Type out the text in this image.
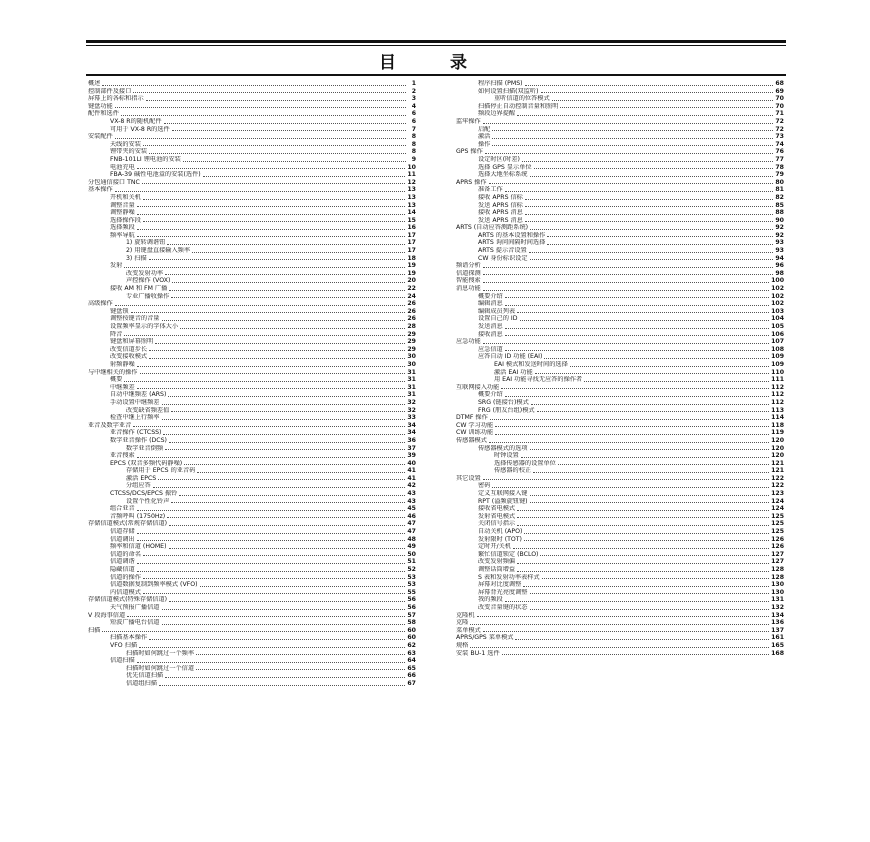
目 录
概述	1
控制部件及接口	2
屏幕上的各标和指示	3
键盘功能	4
配件和选件	6
VX-8 R的随机配件	6
可用于 VX-8 R的选件	7
安装配件	8
天线的安装	8
锂带夹的安装	8
FNB-101LI 锂电池的安装	9
电池充电	10
FBA-39 碱性电池盒的安装(选件)	11
分包通信接口 TNC	12
基本操作	13
开机和关机	13
调整音量	13
调整静噪	14
选择操作段	15
选择频段	16
频率导航	17
1) 旋转调谐钮	17
2) 用键盘直接输入频率	17
3) 扫描	18
发射	19
改变发射功率	19
声控操作 (VOX)	20
接收 AM 和 FM 广播	22
专业广播收操作	24
高级操作	26
键盘锁	26
调整按键音的音量	26
设置频率显示的字体大小	28
降音	29
键盘和屏幕照明	29
改变信道步长	29
改变接收模式	30
射频静噪	30
与中继相关的操作	31
概要	31
中继频差	31
自动中继频差 (ARS)	31
手动设置中继频差	32
改变缺省频差值	32
检查中继上行频率	33
亚音及数字亚音	34
亚音操作 (CTCSS)	34
数字亚音操作 (DCS)	36
数字亚音倒频	37
亚音搜索	39
EPCS (双音多频代码静噪)	40
存储用于 EPCS 的亚音码	41
激活 EPCS	41
分组应答	42
CTCSS/DCS/EPCS 振铃	43
设置个性化铃声	43
组合亚音	45
音频呼叫 (1750Hz)	46
存储信道模式(常规存储信道)	47
信道存储	47
信道调出	48
频率和信道 (HOME)	49
信道的命名	50
信道调谐	51
隐藏信道	52
信道的操作	53
信道数据复制到频率模式 (VFO)	53
内信道模式	55
存储信道模式(特殊存储信道)	56
天气预报广播信道	56
V 段海事信道	57
短波广播电台信道	58
扫描	60
扫描基本操作	60
VFO 扫描	62
扫描时如何跳过一个频率	63
信道扫描	64
扫描时如何跳过一个信道	65
优先信道扫描	66
信道组扫描	67
程序扫描 (PMS)	68
如何设置扫描(双监听)	69
重听信道的位答模式	70
扫描停止自动控制音量和照明	70
频段边界提醒	71
监牢操作	72
启配	72
激活	73
操作	74
GPS 操作	76
设定时区(时差)	77
选择 GPS 显示单位	78
选择大地坐标系统	79
APRS 操作	80
准备工作	81
接收 APRS 信标	82
发送 APRS 信标	85
接收 APRS 消息	88
发送 APRS 消息	90
ARTS (自动应答测距系统)	92
ARTS 的基本设置和操作	92
ARTS 询问间隔时间选择	93
ARTS 提示音设置	93
CW 身份标识设定	94
频谱分析	96
信道探测	98
智能搜索	100
消息功能	102
概要介绍	102
编辑消息	102
编辑成员列表	103
设置自己的 ID	104
发送消息	105
接收消息	106
应急功能	107
应急信道	108
应答自动 ID 功能 (EAI)	109
EAI 模式和发送时间的选择	109
激活 EAI 功能	110
用 EAI 功能寻找无应答的操作者	111
互联网接入功能	112
概要介绍	112
SRG (链接台)模式	112
FRG (朋友台组)模式	113
DTMF 操作	114
CW 学习功能	118
CW 训练功能	119
传感器模式	120
传感器模式的选项	120
时钟设置	120
选择传感器的设置单位	121
传感器的校正	121
其它设置	122
密码	122
定义互联网接入键	123
RPT (溢频旋钮键)	124
接收省电模式	124
发射省电模式	125
关闭信号指示	125
自动关机 (APO)	125
发射限时 (TOT)	126
定时开/关机	126
繁忙信道锁定 (BCLO)	127
改变发射频偏	127
调整话筒增益	128
S 表和发射功率表样式	128
屏幕对比度调整	130
屏幕背光亮度调整	130
我的频段	131
改变音量键的状态	132
克隆机	134
克隆	136
菜单模式	137
APRS/GPS 菜单模式	161
规格	165
安装 BU-1 选件	168
